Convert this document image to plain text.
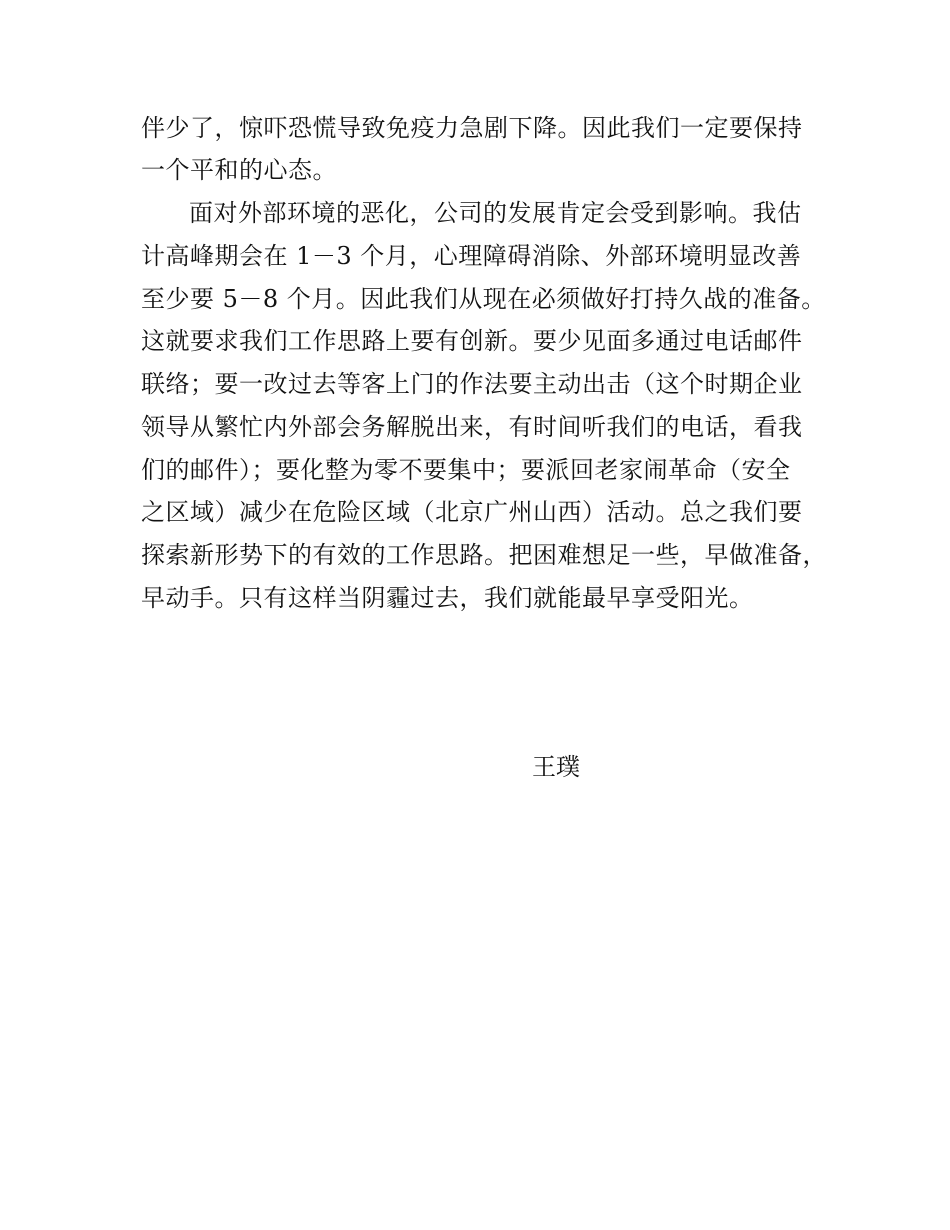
伴少了，惊吓恐慌导致免疫力急剧下降。因此我们一定要保持
一个平和的心态。
面对外部环境的恶化，公司的发展肯定会受到影响。我估
计高峰期会在 1－3 个月，心理障碍消除、外部环境明显改善
至少要 5－8 个月。因此我们从现在必须做好打持久战的准备。
这就要求我们工作思路上要有创新。要少见面多通过电话邮件
联络；要一改过去等客上门的作法要主动出击（这个时期企业
领导从繁忙内外部会务解脱出来，有时间听我们的电话，看我
们的邮件）；要化整为零不要集中；要派回老家闹革命（安全
之区域）减少在危险区域（北京广州山西）活动。总之我们要
探索新形势下的有效的工作思路。把困难想足一些，早做准备，
早动手。只有这样当阴霾过去，我们就能最早享受阳光。
王璞
